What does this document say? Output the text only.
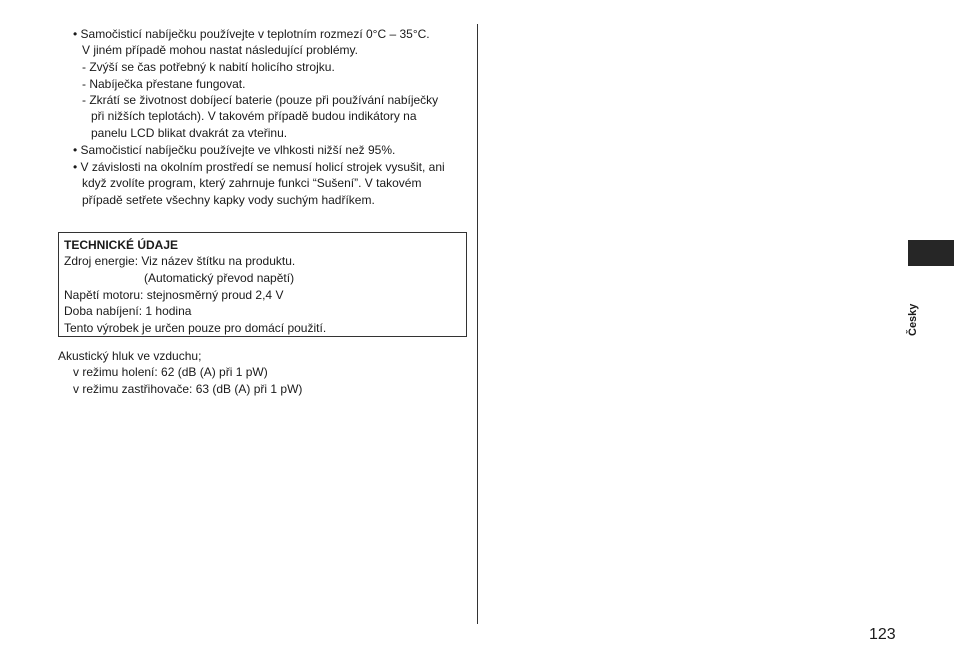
• Samočisticí nabíječku používejte v teplotním rozmezí 0°C – 35°C.
V jiném případě mohou nastat následující problémy.
- Zvýší se čas potřebný k nabití holicího strojku.
- Nabíječka přestane fungovat.
- Zkrátí se životnost dobíjecí baterie (pouze při používání nabíječky
při nižších teplotách). V takovém případě budou indikátory na
panelu LCD blikat dvakrát za vteřinu.
• Samočisticí nabíječku používejte ve vlhkosti nižší než 95%.
• V závislosti na okolním prostředí se nemusí holicí strojek vysušit, ani
když zvolíte program, který zahrnuje funkci “Sušení”. V takovém
případě setřete všechny kapky vody suchým hadříkem.
TECHNICKÉ ÚDAJE
Zdroj energie: Viz název štítku na produktu.
(Automatický převod napětí)
Napětí motoru: stejnosměrný proud 2,4 V
Doba nabíjení: 1 hodina
Tento výrobek je určen pouze pro domácí použití.
Akustický hluk ve vzduchu;
v režimu holení: 62 (dB (A) při 1 pW)
v režimu zastřihovače: 63 (dB (A) při 1 pW)
Česky
123
